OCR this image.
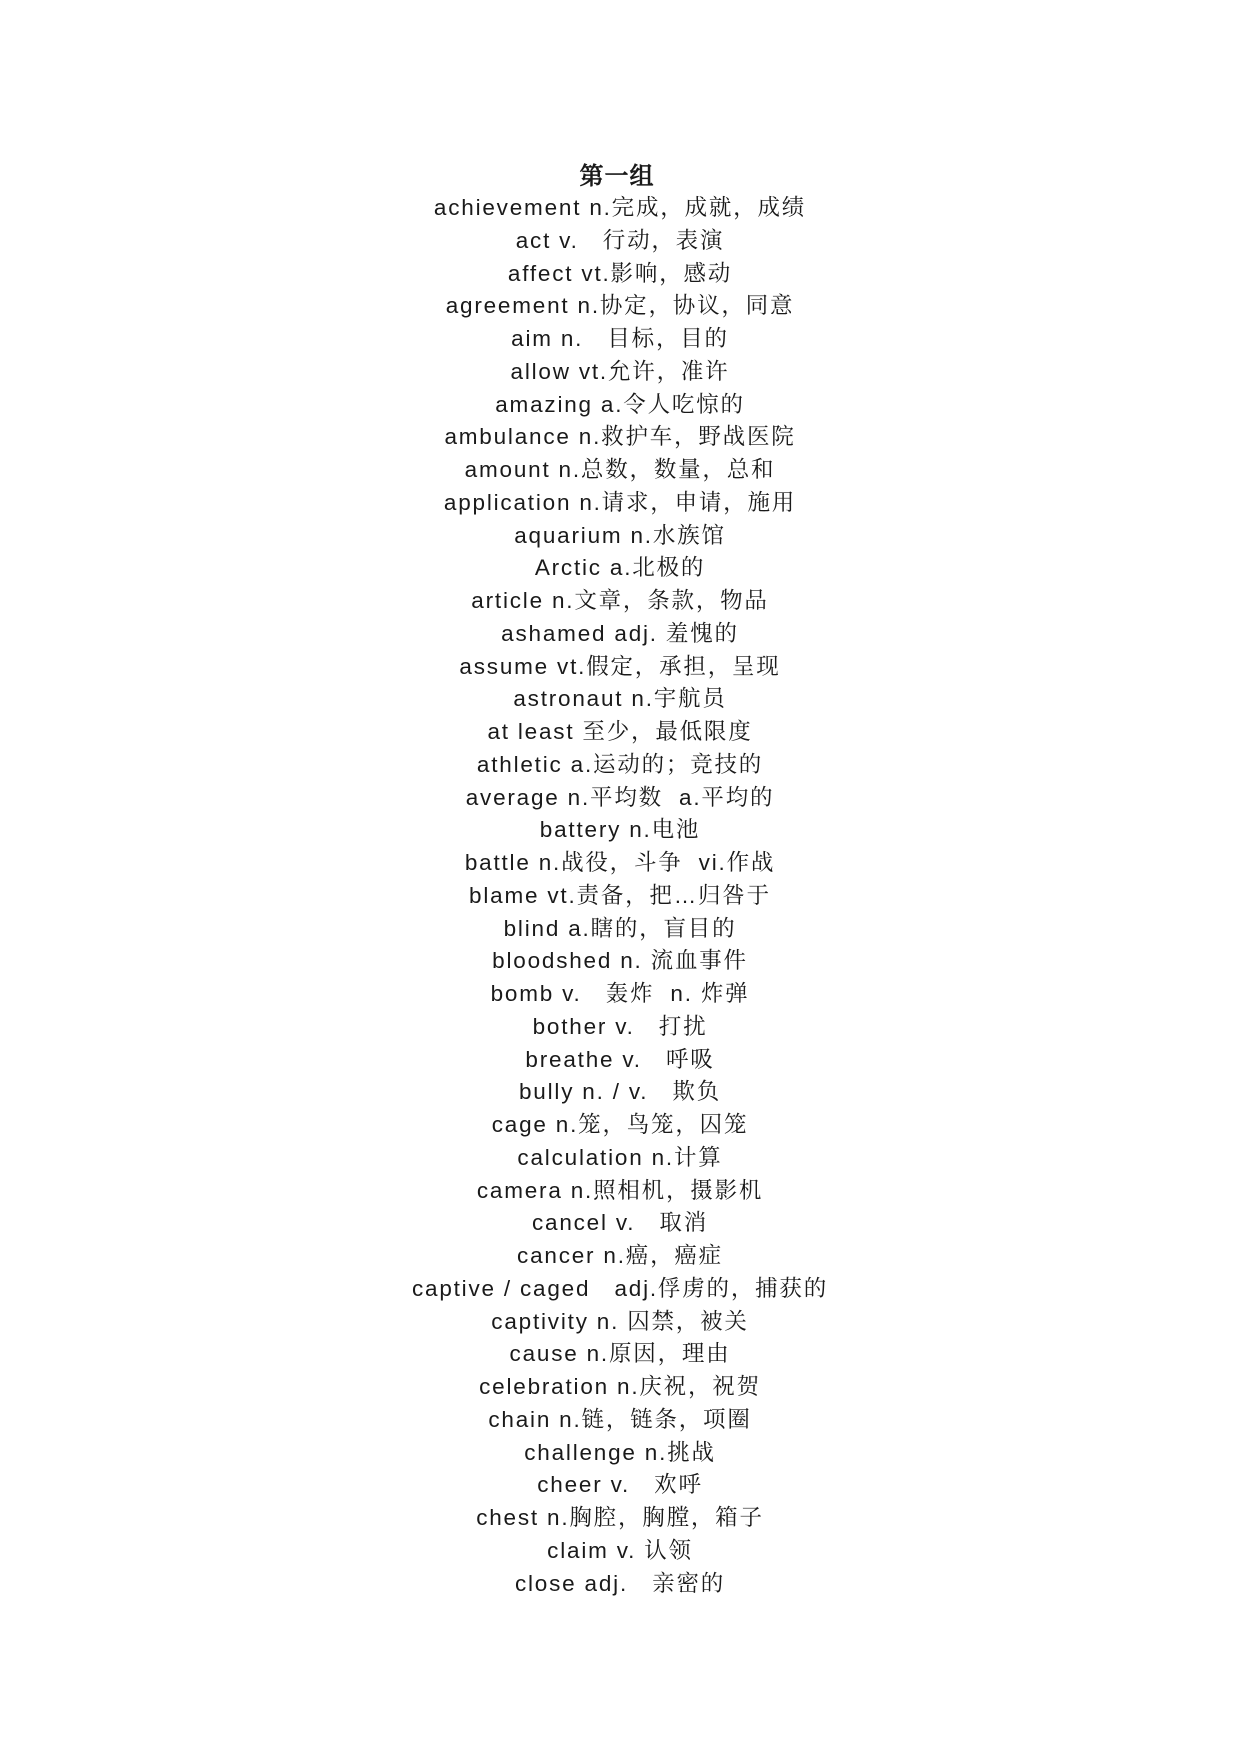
第一组
achievement n.完成，成就，成绩
act v.   行动，表演
affect vt.影响，感动
agreement n.协定，协议，同意
aim n.   目标，目的
allow vt.允许，准许
amazing a.令人吃惊的
ambulance n.救护车，野战医院
amount n.总数，数量，总和
application n.请求，申请，施用
aquarium n.水族馆
Arctic a.北极的
article n.文章，条款，物品
ashamed adj. 羞愧的
assume vt.假定，承担，呈现
astronaut n.宇航员
at least 至少，最低限度
athletic a.运动的；竞技的
average n.平均数  a.平均的
battery n.电池
battle n.战役，斗争  vi.作战
blame vt.责备，把…归咎于
blind a.瞎的，盲目的
bloodshed n. 流血事件
bomb v.   轰炸  n. 炸弹
bother v.   打扰
breathe v.   呼吸
bully n. / v.   欺负
cage n.笼，鸟笼，囚笼
calculation n.计算
camera n.照相机，摄影机
cancel v.   取消
cancer n.癌，癌症
captive / caged   adj.俘虏的，捕获的
captivity n. 囚禁，被关
cause n.原因，理由
celebration n.庆祝，祝贺
chain n.链，链条，项圈
challenge n.挑战
cheer v.   欢呼
chest n.胸腔，胸膛，箱子
claim v. 认领
close adj.   亲密的
